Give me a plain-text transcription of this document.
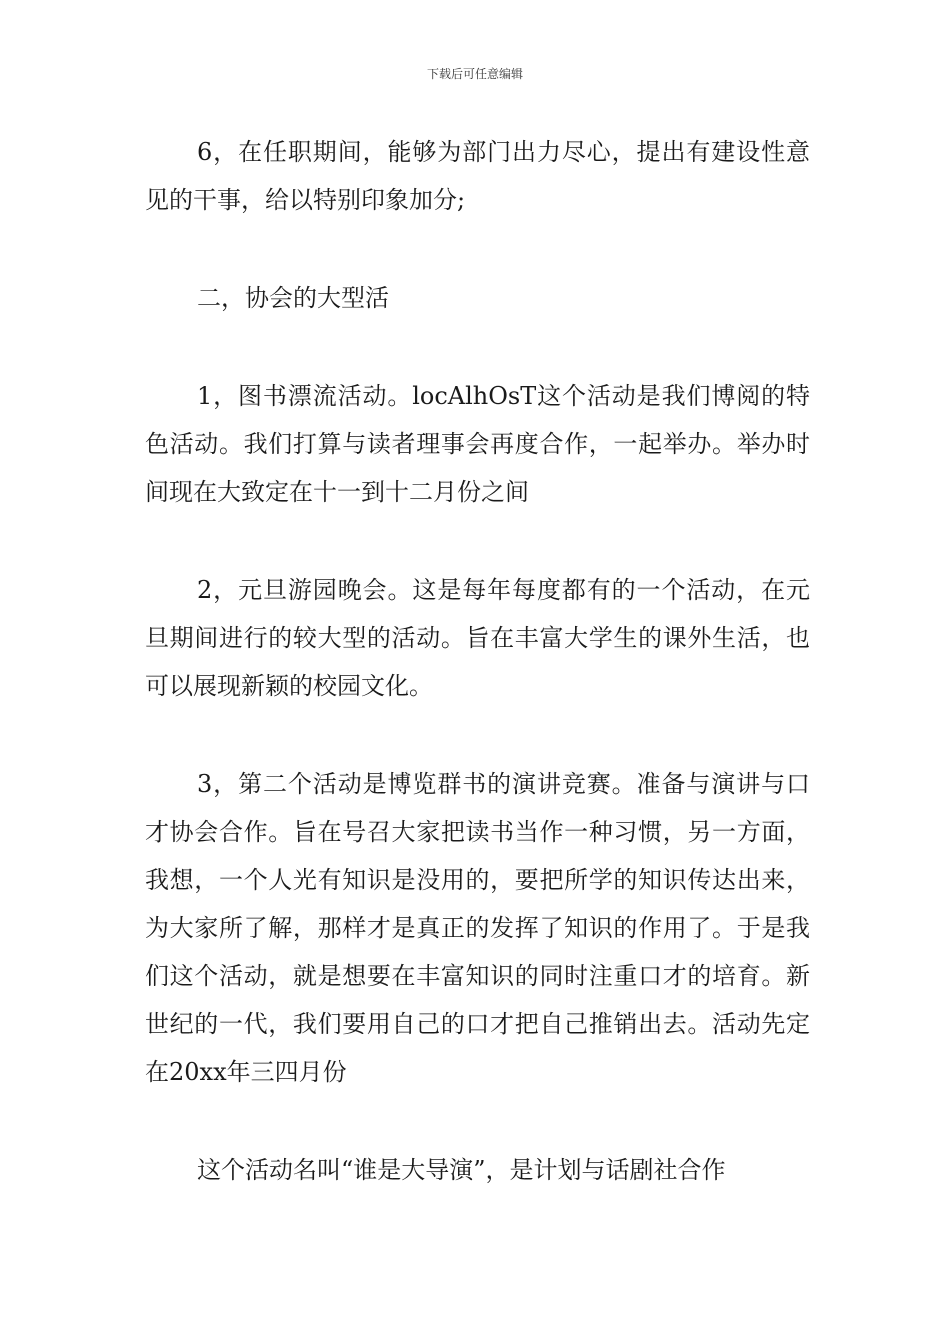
下载后可任意编辑

6，在任职期间，能够为部门出力尽心，提出有建设性意见的干事，给以特别印象加分;

二，协会的大型活

1，图书漂流活动。locAlhOsT这个活动是我们博阅的特色活动。我们打算与读者理事会再度合作，一起举办。举办时间现在大致定在十一到十二月份之间

2，元旦游园晚会。这是每年每度都有的一个活动，在元旦期间进行的较大型的活动。旨在丰富大学生的课外生活，也可以展现新颖的校园文化。

3，第二个活动是博览群书的演讲竞赛。准备与演讲与口才协会合作。旨在号召大家把读书当作一种习惯，另一方面，我想，一个人光有知识是没用的，要把所学的知识传达出来，为大家所了解，那样才是真正的发挥了知识的作用了。于是我们这个活动，就是想要在丰富知识的同时注重口才的培育。新世纪的一代，我们要用自己的口才把自己推销出去。活动先定在20xx年三四月份

这个活动名叫“谁是大导演”，是计划与话剧社合作
